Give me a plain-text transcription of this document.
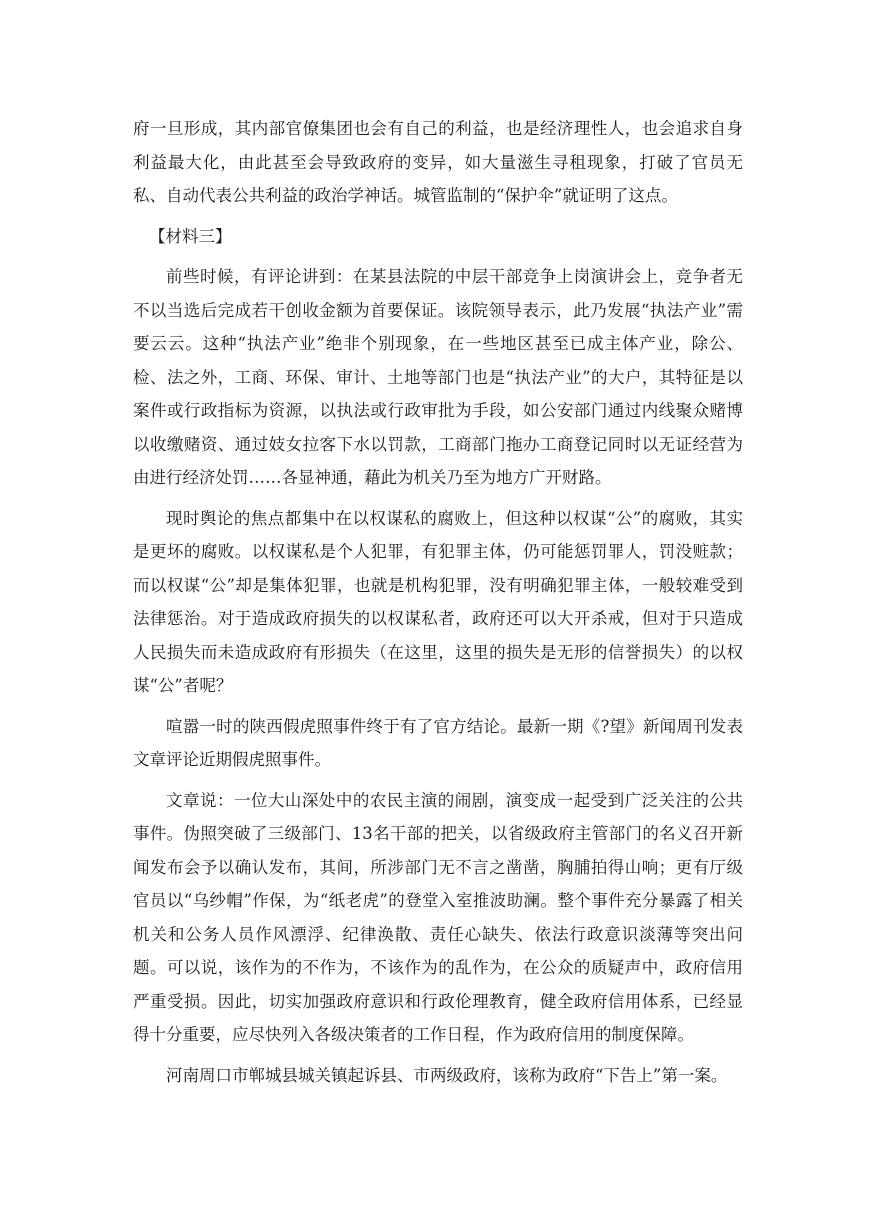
府一旦形成，其内部官僚集团也会有自己的利益，也是经济理性人，也会追求自身利益最大化，由此甚至会导致政府的变异，如大量滋生寻租现象，打破了官员无私、自动代表公共利益的政治学神话。城管监制的“保护伞”就证明了这点。

【材料三】

前些时候，有评论讲到：在某县法院的中层干部竞争上岗演讲会上，竞争者无不以当选后完成若干创收金额为首要保证。该院领导表示，此乃发展“执法产业”需要云云。这种“执法产业”绝非个别现象，在一些地区甚至已成主体产业，除公、检、法之外，工商、环保、审计、土地等部门也是“执法产业”的大户，其特征是以案件或行政指标为资源，以执法或行政审批为手段，如公安部门通过内线聚众赌博以收缴赌资、通过妓女拉客下水以罚款，工商部门拖办工商登记同时以无证经营为由进行经济处罚……各显神通，藉此为机关乃至为地方广开财路。

现时舆论的焦点都集中在以权谋私的腐败上，但这种以权谋“公”的腐败，其实是更坏的腐败。以权谋私是个人犯罪，有犯罪主体，仍可能惩罚罪人，罚没赃款；而以权谋“公”却是集体犯罪，也就是机构犯罪，没有明确犯罪主体，一般较难受到法律惩治。对于造成政府损失的以权谋私者，政府还可以大开杀戒，但对于只造成人民损失而未造成政府有形损失（在这里，这里的损失是无形的信誉损失）的以权谋“公”者呢？

喧嚣一时的陕西假虎照事件终于有了官方结论。最新一期《?望》新闻周刊发表文章评论近期假虎照事件。

文章说：一位大山深处中的农民主演的闹剧，演变成一起受到广泛关注的公共事件。伪照突破了三级部门、13名干部的把关，以省级政府主管部门的名义召开新闻发布会予以确认发布，其间，所涉部门无不言之凿凿，胸脯拍得山响；更有厅级官员以“乌纱帽”作保，为“纸老虎”的登堂入室推波助澜。整个事件充分暴露了相关机关和公务人员作风漂浮、纪律涣散、责任心缺失、依法行政意识淡薄等突出问题。可以说，该作为的不作为，不该作为的乱作为，在公众的质疑声中，政府信用严重受损。因此，切实加强政府意识和行政伦理教育，健全政府信用体系，已经显得十分重要，应尽快列入各级决策者的工作日程，作为政府信用的制度保障。

河南周口市郸城县城关镇起诉县、市两级政府，该称为政府“下告上”第一案。
